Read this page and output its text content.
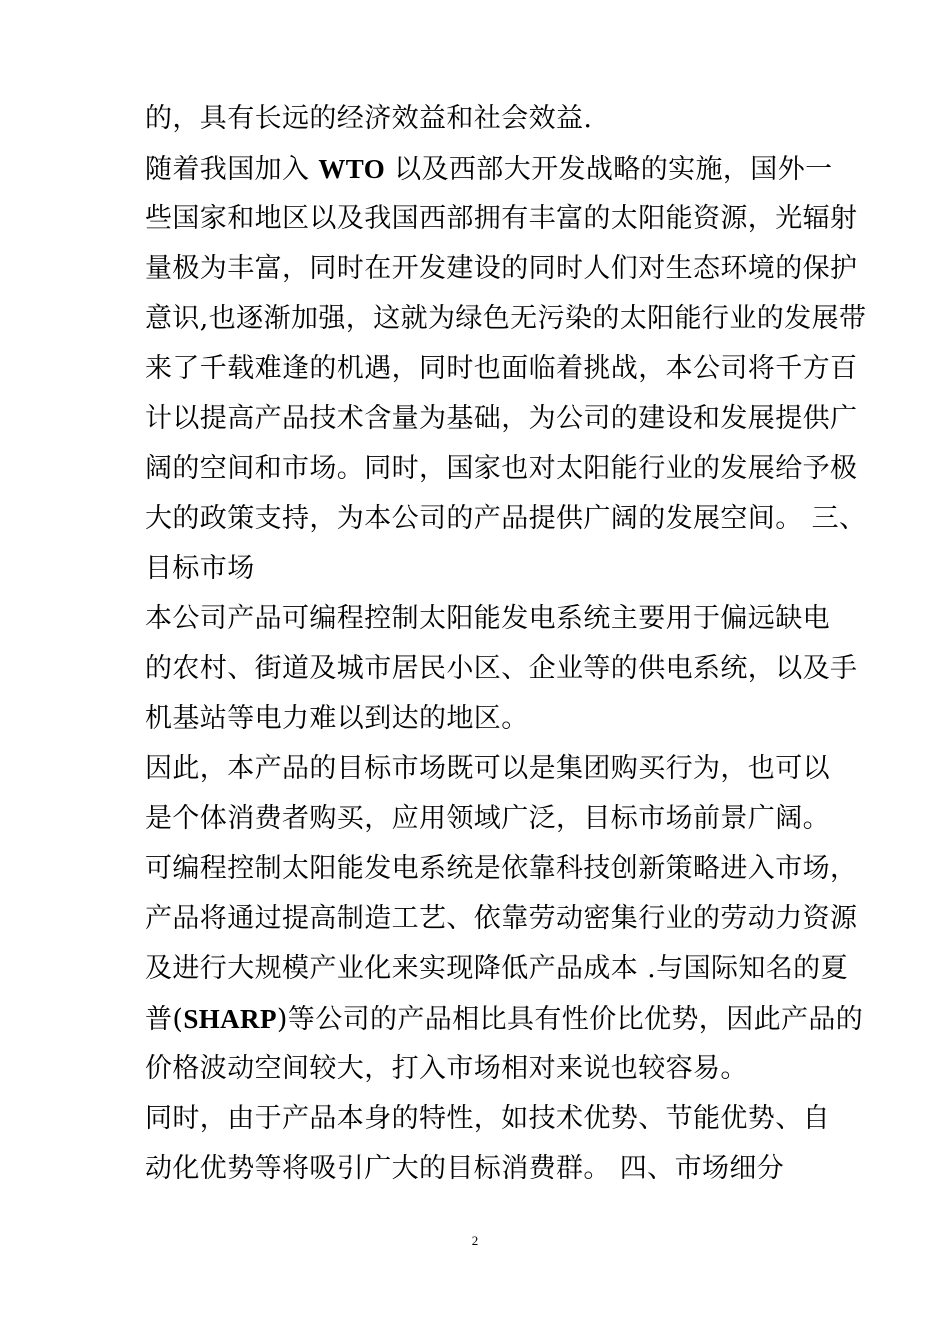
的，具有长远的经济效益和社会效益.
随着我国加入 WTO 以及西部大开发战略的实施，国外一
些国家和地区以及我国西部拥有丰富的太阳能资源，光辐射
量极为丰富，同时在开发建设的同时人们对生态环境的保护
意识,也逐渐加强，这就为绿色无污染的太阳能行业的发展带
来了千载难逢的机遇，同时也面临着挑战，本公司将千方百
计以提高产品技术含量为基础，为公司的建设和发展提供广
阔的空间和市场。同时，国家也对太阳能行业的发展给予极
大的政策支持，为本公司的产品提供广阔的发展空间。 三、
目标市场
本公司产品可编程控制太阳能发电系统主要用于偏远缺电
的农村、街道及城市居民小区、企业等的供电系统，以及手
机基站等电力难以到达的地区。
因此，本产品的目标市场既可以是集团购买行为，也可以
是个体消费者购买，应用领域广泛，目标市场前景广阔。
可编程控制太阳能发电系统是依靠科技创新策略进入市场，
产品将通过提高制造工艺、依靠劳动密集行业的劳动力资源
及进行大规模产业化来实现降低产品成本 .与国际知名的夏
普(SHARP)等公司的产品相比具有性价比优势，因此产品的
价格波动空间较大，打入市场相对来说也较容易。
同时，由于产品本身的特性，如技术优势、节能优势、自
动化优势等将吸引广大的目标消费群。 四、市场细分
2
